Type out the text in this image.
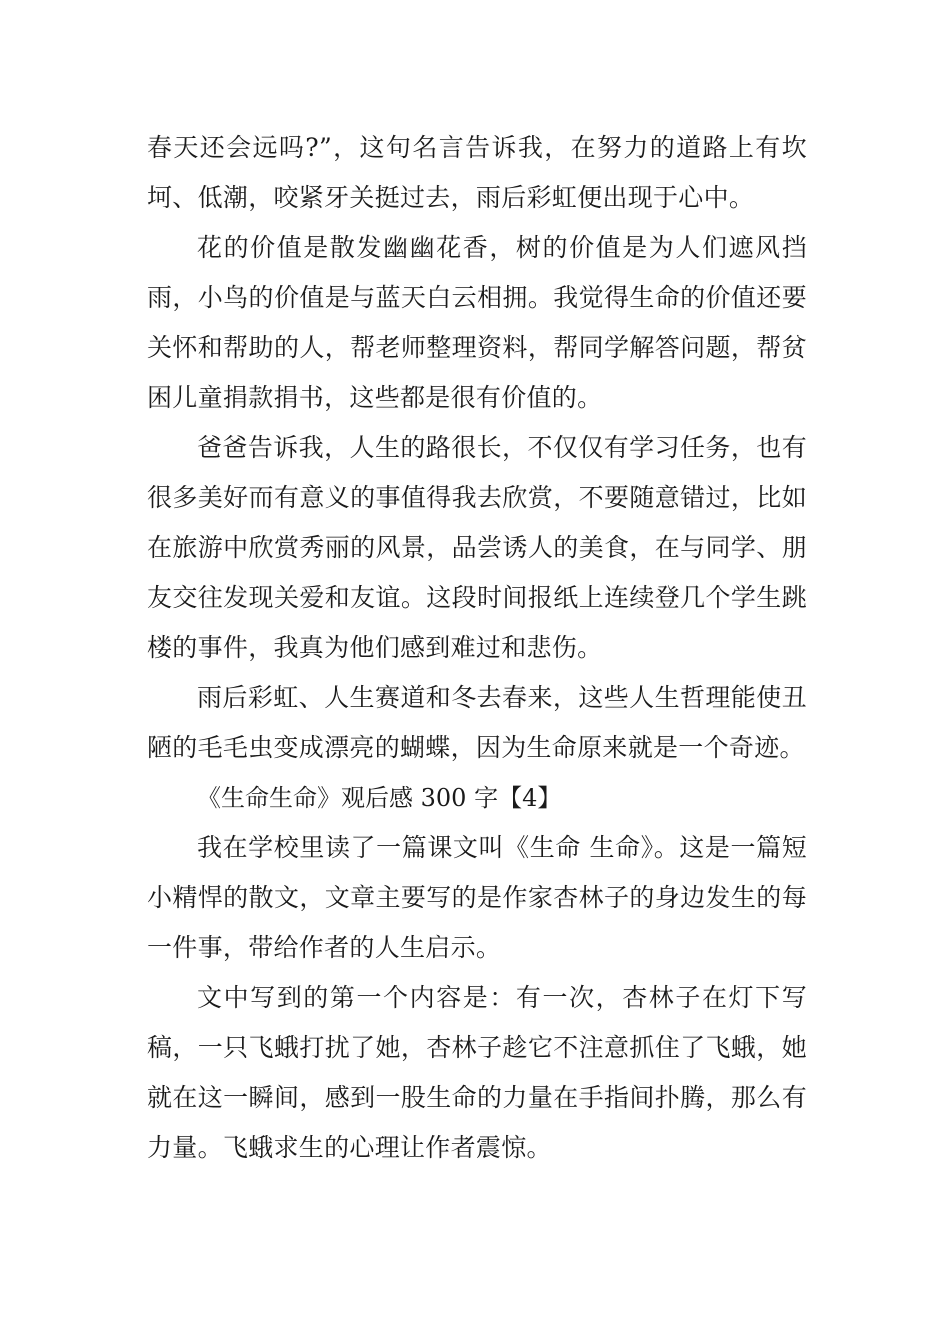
春天还会远吗?”，这句名言告诉我，在努力的道路上有坎坷、低潮，咬紧牙关挺过去，雨后彩虹便出现于心中。

花的价值是散发幽幽花香，树的价值是为人们遮风挡雨，小鸟的价值是与蓝天白云相拥。我觉得生命的价值还要关怀和帮助的人，帮老师整理资料，帮同学解答问题，帮贫困儿童捐款捐书，这些都是很有价值的。

爸爸告诉我，人生的路很长，不仅仅有学习任务，也有很多美好而有意义的事值得我去欣赏，不要随意错过，比如在旅游中欣赏秀丽的风景，品尝诱人的美食，在与同学、朋友交往发现关爱和友谊。这段时间报纸上连续登几个学生跳楼的事件，我真为他们感到难过和悲伤。

雨后彩虹、人生赛道和冬去春来，这些人生哲理能使丑陋的毛毛虫变成漂亮的蝴蝶，因为生命原来就是一个奇迹。

《生命生命》观后感 300 字【4】

我在学校里读了一篇课文叫《生命 生命》。这是一篇短小精悍的散文，文章主要写的是作家杏林子的身边发生的每一件事，带给作者的人生启示。

文中写到的第一个内容是：有一次，杏林子在灯下写稿，一只飞蛾打扰了她，杏林子趁它不注意抓住了飞蛾，她就在这一瞬间，感到一股生命的力量在手指间扑腾，那么有力量。飞蛾求生的心理让作者震惊。
